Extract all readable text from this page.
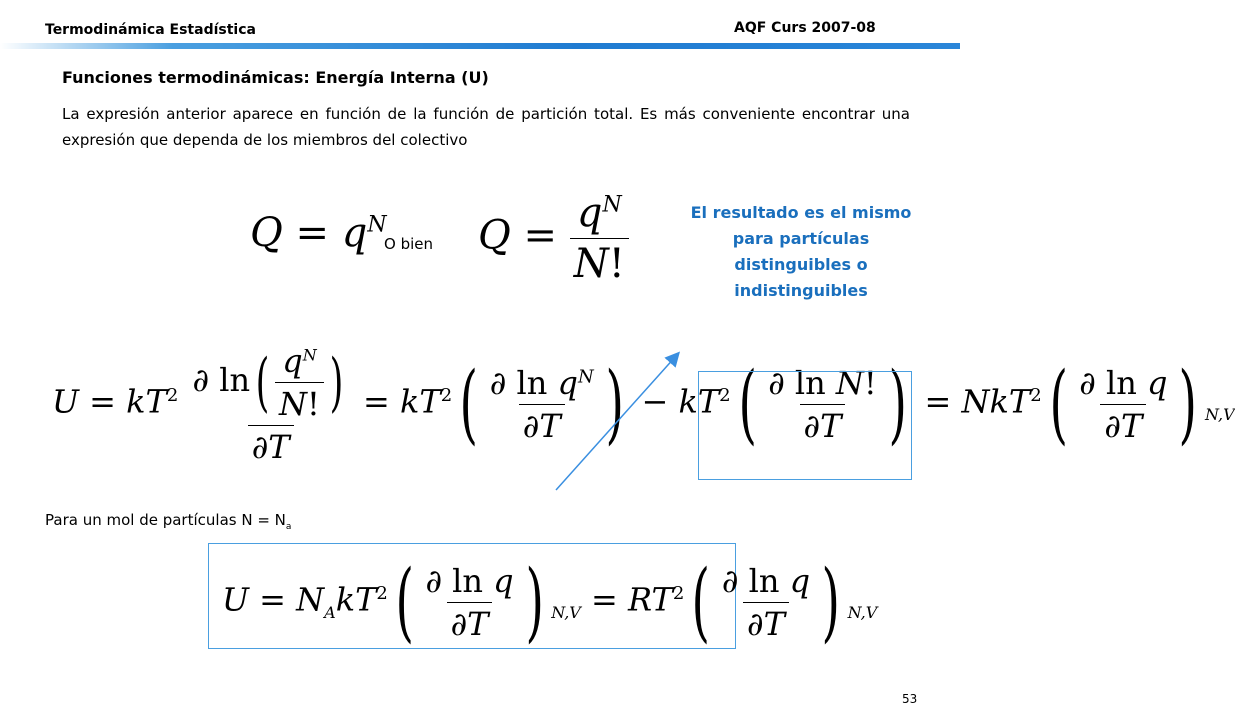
Termodinámica Estadística	AQF Curs 2007-08
Funciones termodinámicas: Energía Interna (U)
La expresión anterior aparece en función de la función de partición total. Es más conveniente encontrar una expresión que dependa de los miembros del colectivo
$Q = q^N$
O bien $Q = \frac{q^N}{N!}$	El resultado es el mismo para partículas distinguibles o indistinguibles
$U = kT^2 \frac{\partial \ln( \frac{q^N}{N!} )}{\partial T} = kT^2( \frac{\partial \ln q^N}{\partial T}$ ) − $kT^2( \frac{\text{∂ ln N!}}{\partial T}$ ) = $NkT^2( \frac{\text{∂ ln q}}{\partial T}$ ) $_{N,V}$
Para un mol de partículas $N = N_a$
$U = N_AkT^2( \frac{\text{∂ ln q}}{\partial T}$ ) $_{N,V} = RT^2( \frac{\text{∂ ln q}}{\partial T}$ ) $_{N,V}$
53
